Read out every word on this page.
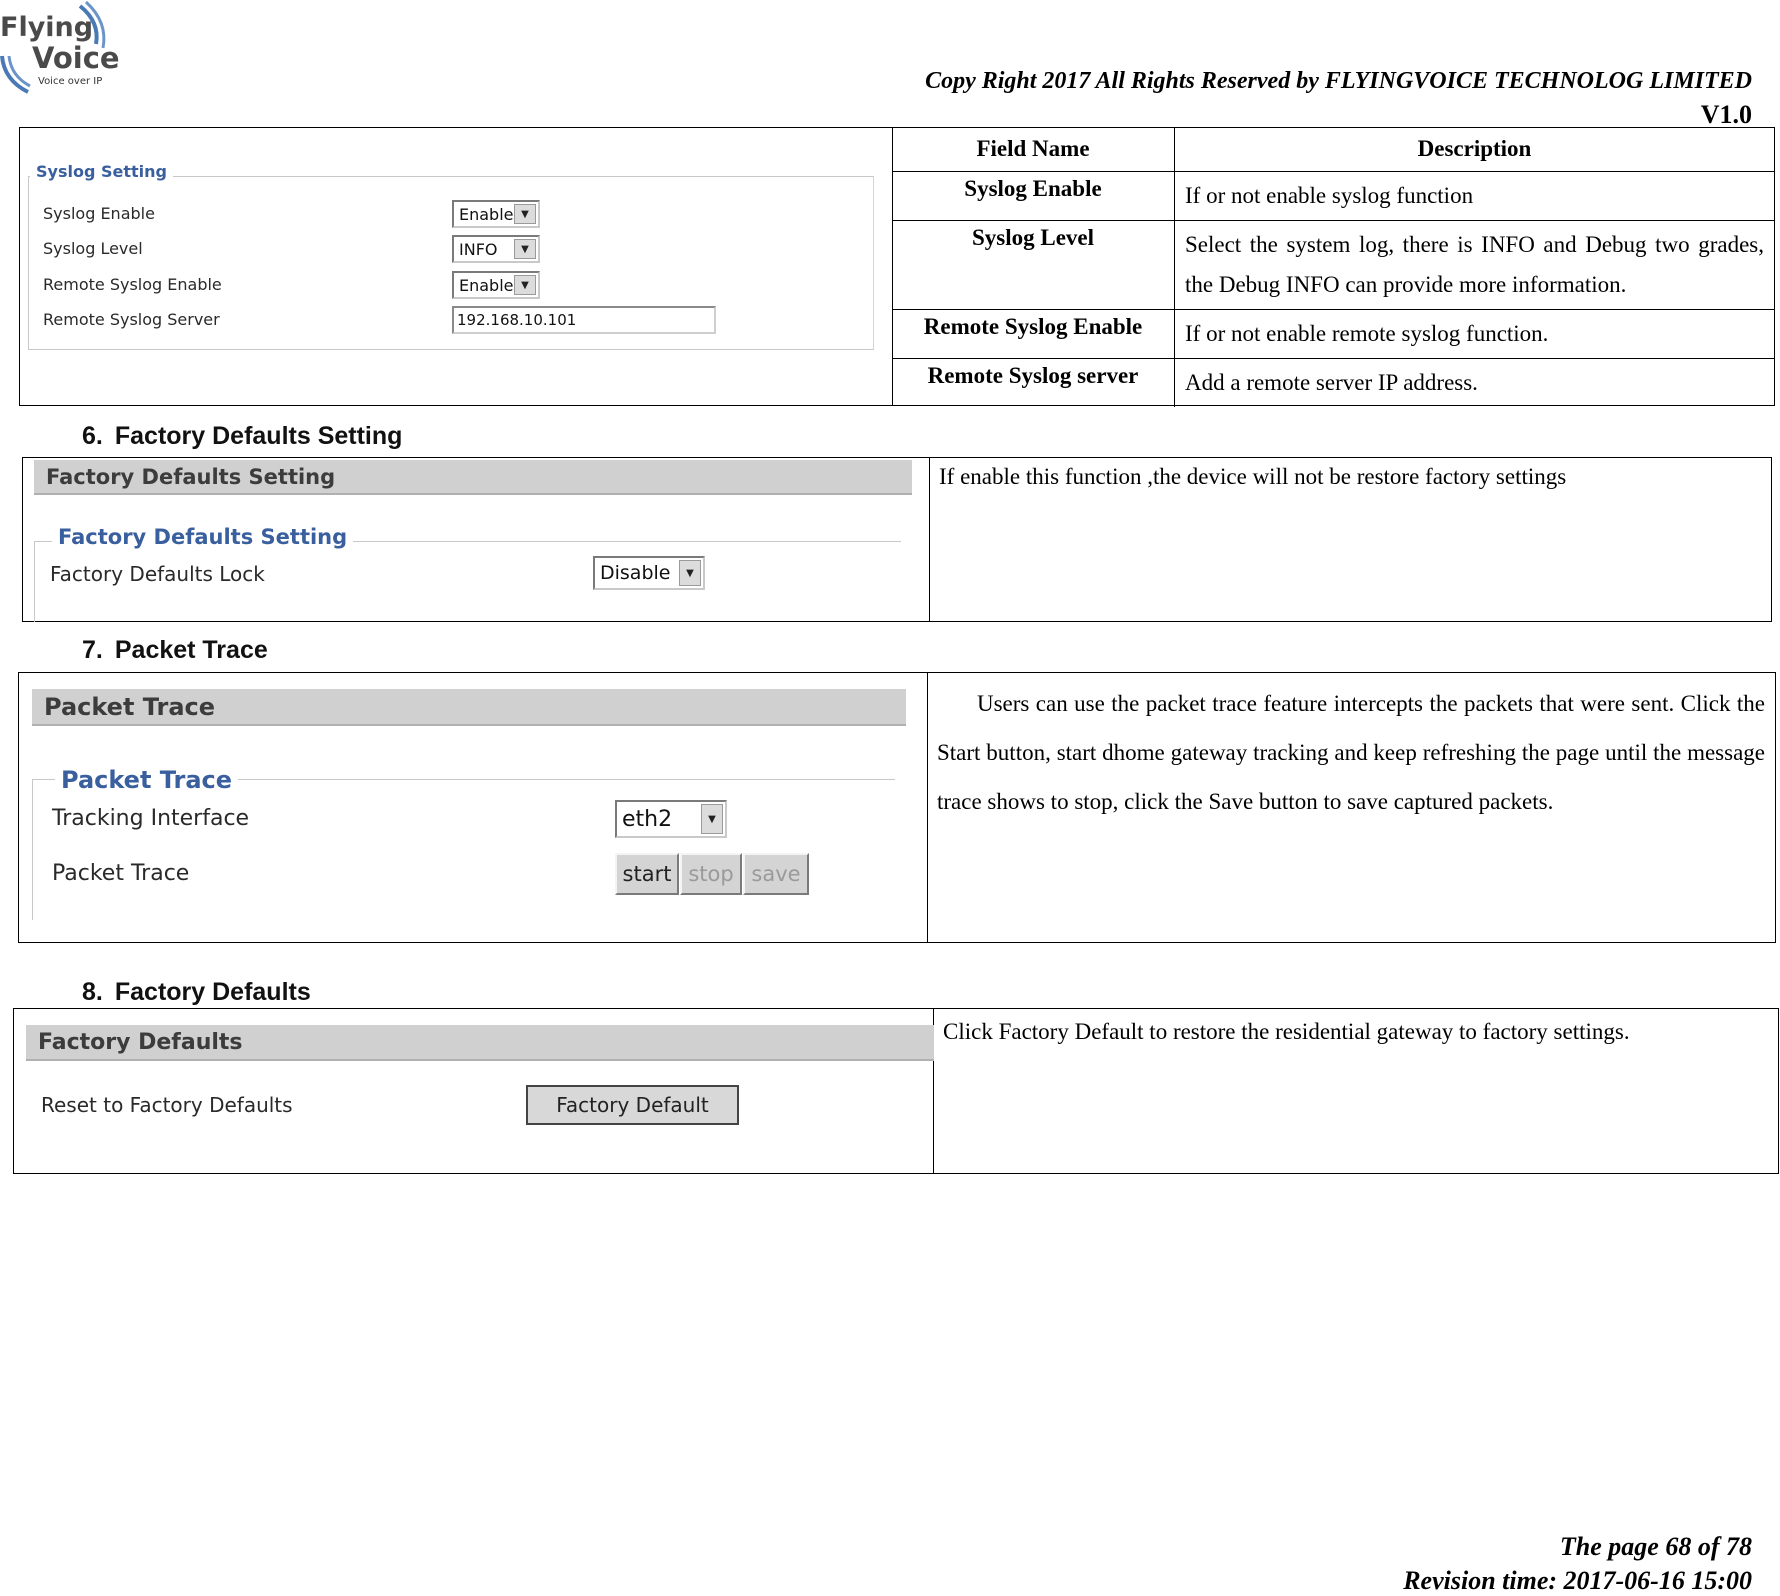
Flying
Voice
Voice over IP	Copy Right 2017 All Rights Reserved by FLYINGVOICE TECHNOLOG LIMITED
V1.0
Syslog Setting
Syslog Enable	Enable ▼
Syslog Level	INFO	▼
Remote Syslog Enable	Enable ▼
Remote Syslog Server	192.168.10.101
Field Name	Description
Syslog Enable	If or not enable syslog function
Syslog Level	Select the system log, there is INFO and Debug two grades, the Debug INFO can provide more information.
Remote Syslog Enable	If or not enable remote syslog function.
Remote Syslog server	Add a remote server IP address.
6. Factory Defaults Setting
Factory Defaults Setting
Factory Defaults Setting
Factory Defaults Lock	Disable	▼
If enable this function ,the device will not be restore factory settings
7. Packet Trace
Packet Trace
Packet Trace
Tracking Interface	eth2	▼
Packet Trace	start stop save
Users can use the packet trace feature intercepts the packets that were sent. Click the Start button, start dhome gateway tracking and keep refreshing the page until the message trace shows to stop, click the Save button to save captured packets.
8. Factory Defaults
Factory Defaults
Reset to Factory Defaults	Factory Default
Click Factory Default to restore the residential gateway to factory settings.
The page 68 of 78
Revision time: 2017-06-16 15:00
